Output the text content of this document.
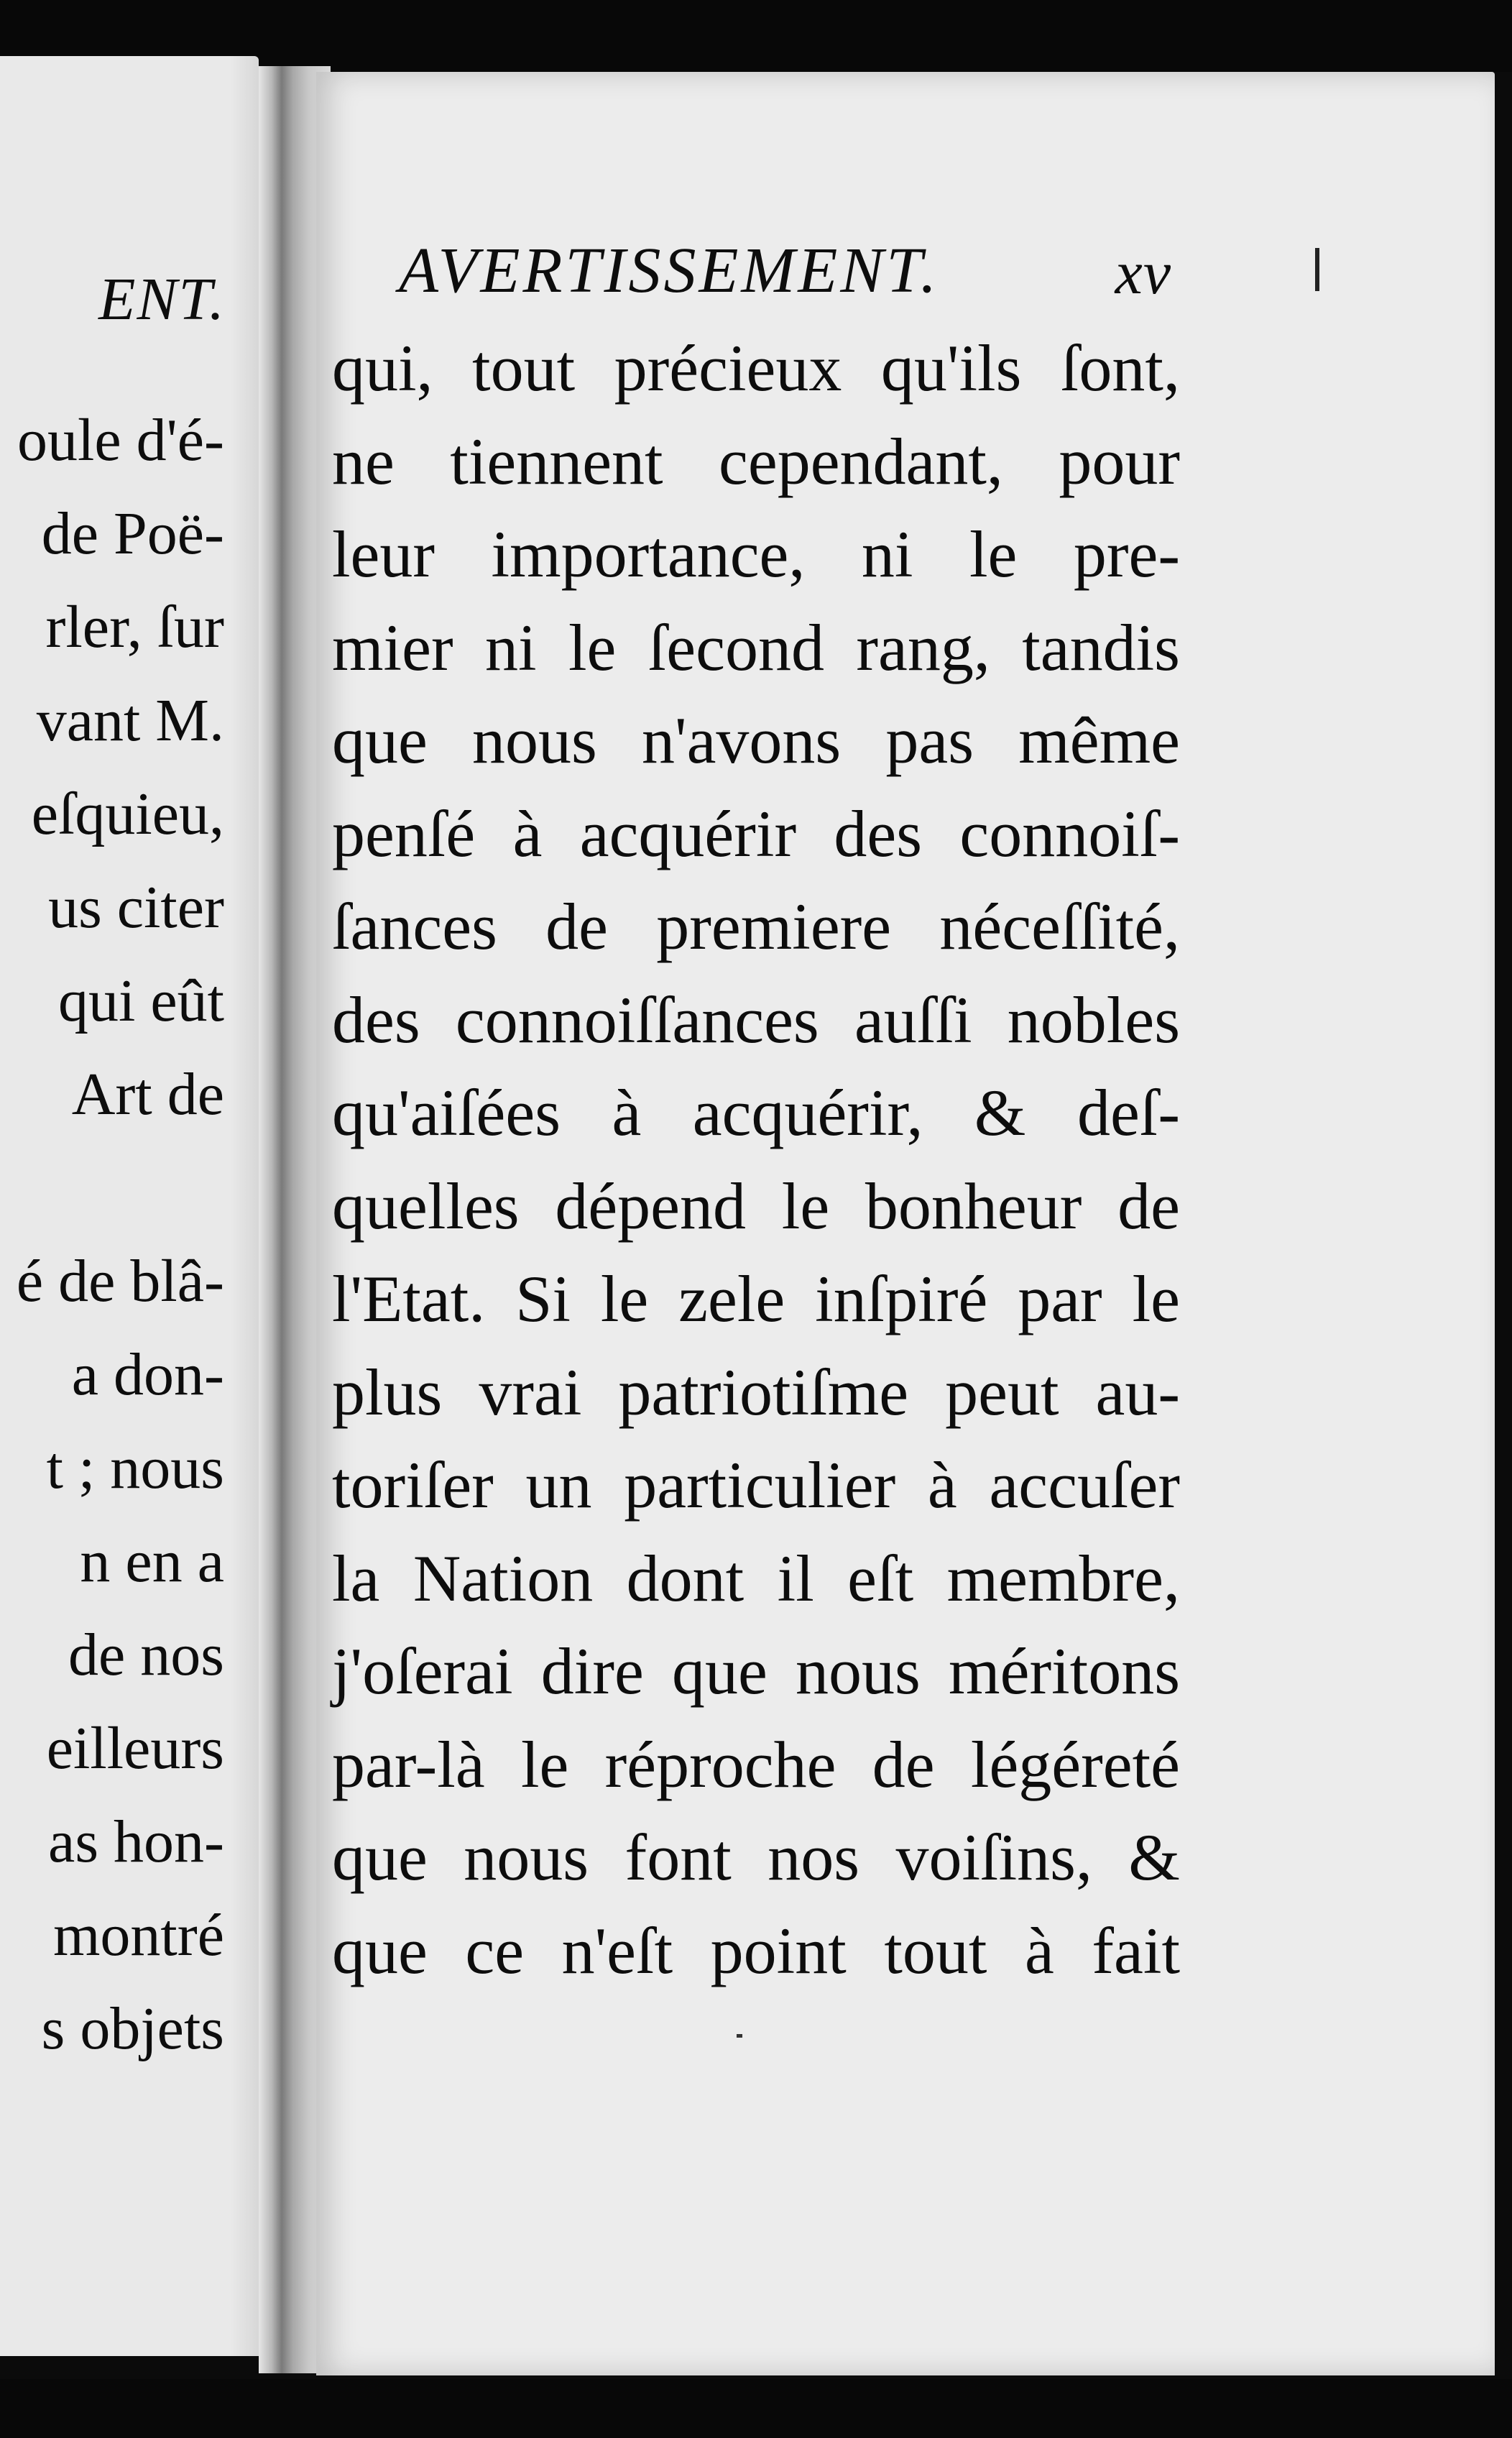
ENT.
oule d'é-
de Poë-
rler, ſur
vant M.
eſquieu,
us citer
qui eût
Art de
é de blâ-
a don-
t ; nous
n en a
de nos
eilleurs
as hon-
montré
s objets
AVERTISSEMENT.	xv
qui, tout précieux qu'ils ſont,
ne tiennent cependant, pour
leur importance, ni le pre-
mier ni le ſecond rang, tandis
que nous n'avons pas même
penſé à acquérir des connoiſ-
ſances de premiere néceſſité,
des connoiſſances auſſi nobles
qu'aiſées à acquérir, & deſ-
quelles dépend le bonheur de
l'Etat. Si le zele inſpiré par le
plus vrai patriotiſme peut au-
toriſer un particulier à accuſer
la Nation dont il eſt membre,
j'oſerai dire que nous méritons
par-là le réproche de légéreté
que nous font nos voiſins, &
que ce n'eſt point tout à fait
